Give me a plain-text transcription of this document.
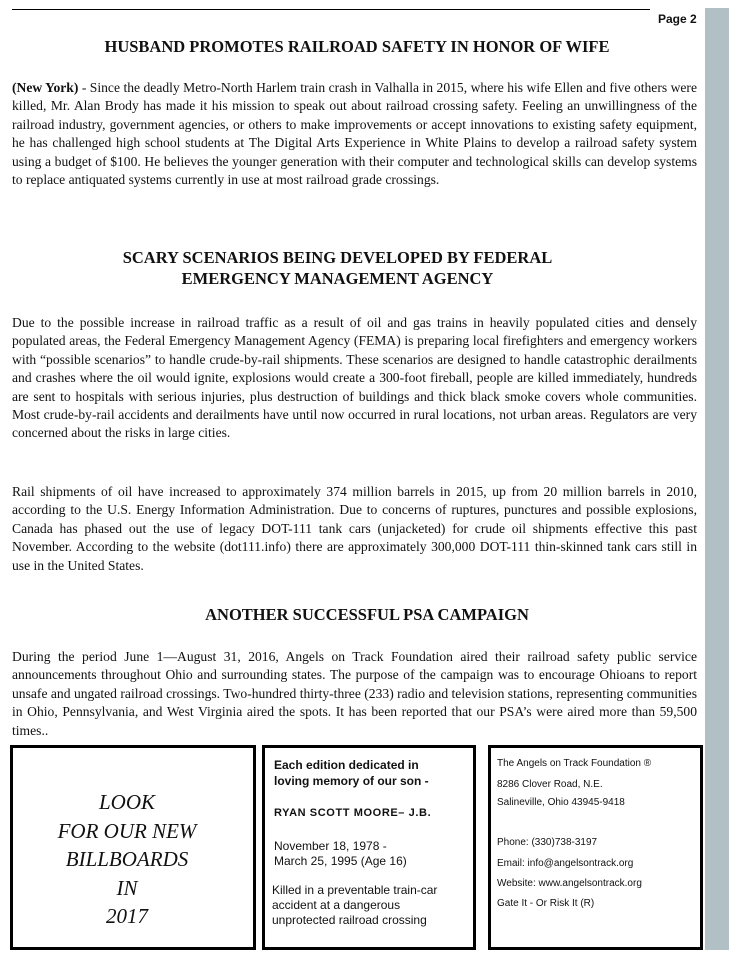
Page 2
HUSBAND PROMOTES RAILROAD SAFETY IN HONOR OF WIFE

(New York) - Since the deadly Metro-North Harlem train crash in Valhalla in 2015, where his wife Ellen and five others were killed, Mr. Alan Brody has made it his mission to speak out about railroad crossing safety. Feeling an unwillingness of the railroad industry, government agencies, or others to make improvements or accept innovations to existing safety equipment, he has challenged high school students at The Digital Arts Experience in White Plains to develop a railroad safety system using a budget of $100. He believes the younger generation with their computer and technological skills can develop systems to replace antiquated systems currently in use at most railroad grade crossings.

SCARY SCENARIOS BEING DEVELOPED BY FEDERAL
EMERGENCY MANAGEMENT AGENCY

Due to the possible increase in railroad traffic as a result of oil and gas trains in heavily populated cities and densely populated areas, the Federal Emergency Management Agency (FEMA) is preparing local firefighters and emergency workers with “possible scenarios” to handle crude-by-rail shipments. These scenarios are designed to handle catastrophic derailments and crashes where the oil would ignite, explosions would create a 300-foot fireball, people are killed immediately, hundreds are sent to hospitals with serious injuries, plus destruction of buildings and thick black smoke covers whole communities. Most crude-by-rail accidents and derailments have until now occurred in rural locations, not urban areas. Regulators are very concerned about the risks in large cities.

Rail shipments of oil have increased to approximately 374 million barrels in 2015, up from 20 million barrels in 2010, according to the U.S. Energy Information Administration. Due to concerns of ruptures, punctures and possible explosions, Canada has phased out the use of legacy DOT-111 tank cars (unjacketed) for crude oil shipments effective this past November. According to the website (dot111.info) there are approximately 300,000 DOT-111 thin-skinned tank cars still in use in the United States.

ANOTHER SUCCESSFUL PSA CAMPAIGN

During the period June 1—August 31, 2016, Angels on Track Foundation aired their railroad safety public service announcements throughout Ohio and surrounding states. The purpose of the campaign was to encourage Ohioans to report unsafe and ungated railroad crossings. Two-hundred thirty-three (233) radio and television stations, representing communities in Ohio, Pennsylvania, and West Virginia aired the spots. It has been reported that our PSA’s were aired more than 59,500 times..

LOOK
FOR OUR NEW
BILLBOARDS
IN
2017
Each edition dedicated in
loving memory of our son -
RYAN SCOTT MOORE– J.B.
November 18, 1978 -
March 25, 1995 (Age 16)
Killed in a preventable train-car
accident at a dangerous
unprotected railroad crossing
The Angels on Track Foundation ®
8286 Clover Road, N.E.
Salineville, Ohio 43945-9418
Phone: (330)738-3197
Email: info@angelsontrack.org
Website: www.angelsontrack.org
Gate It - Or Risk It (R)
